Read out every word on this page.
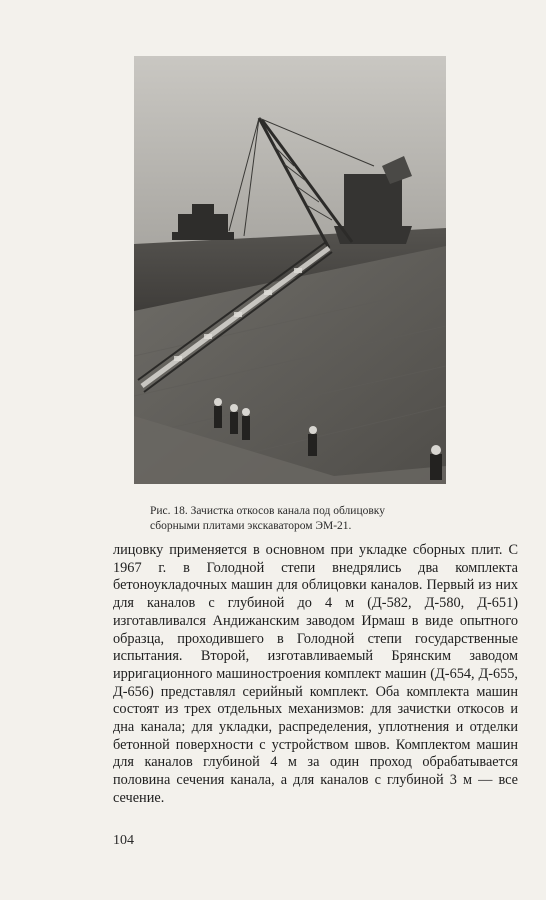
Рис. 18. Зачистка откосов канала под облицовку
сборными плитами экскаватором ЭМ-21.

лицовку применяется в основном при укладке сборных плит. С 1967 г. в Голодной степи внедрялись два комплекта бетоноукладочных машин для облицовки каналов. Первый из них для каналов с глубиной до 4 м (Д-582, Д-580, Д-651) изготавливался Андижанским заводом Ирмаш в виде опытного образца, проходившего в Голодной степи государственные испытания. Второй, изготавливаемый Брянским заводом ирригационного машиностроения комплект машин (Д-654, Д-655, Д-656) представлял серийный комплект. Оба комплекта машин состоят из трех отдельных механизмов: для зачистки откосов и дна канала; для укладки, распределения, уплотнения и отделки бетонной поверхности с устройством швов. Комплектом машин для каналов глубиной 4 м за один проход обрабатывается половина сечения канала, а для каналов с глубиной 3 м — все сечение.

104
